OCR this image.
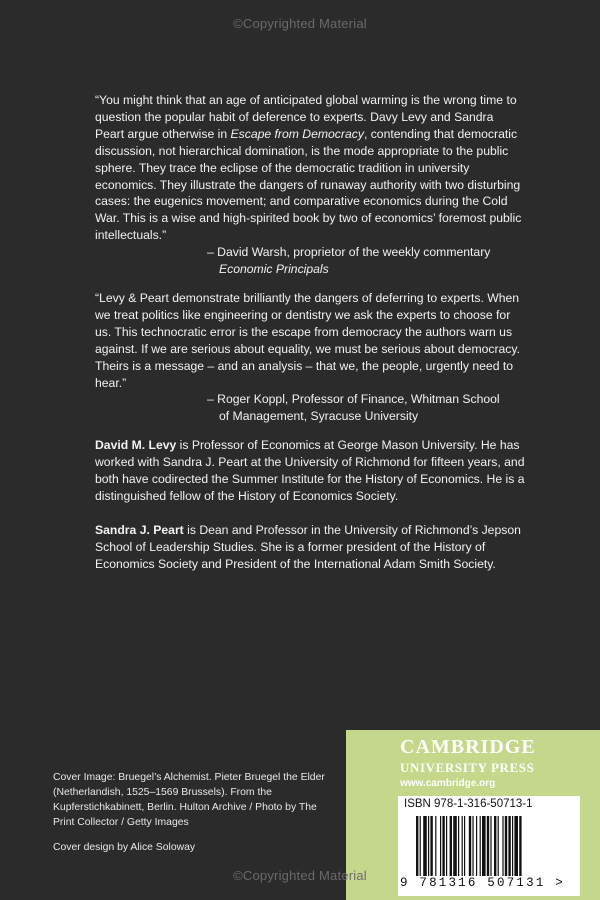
©Copyrighted Material

“You might think that an age of anticipated global warming is the wrong time to question the popular habit of deference to experts. Davy Levy and Sandra Peart argue otherwise in Escape from Democracy, contending that democratic discussion, not hierarchical domination, is the mode appropriate to the public sphere. They trace the eclipse of the democratic tradition in university economics. They illustrate the dangers of runaway authority with two disturbing cases: the eugenics movement; and comparative economics during the Cold War. This is a wise and high-spirited book by two of economics’ foremost public intellectuals.”

– David Warsh, proprietor of the weekly commentary

Economic Principals

“Levy & Peart demonstrate brilliantly the dangers of deferring to experts. When we treat politics like engineering or dentistry we ask the experts to choose for us. This technocratic error is the escape from democracy the authors warn us against. If we are serious about equality, we must be serious about democracy. Theirs is a message – and an analysis – that we, the people, urgently need to hear.”

– Roger Koppl, Professor of Finance, Whitman School

of Management, Syracuse University

David M. Levy is Professor of Economics at George Mason University. He has worked with Sandra J. Peart at the University of Richmond for fifteen years, and both have codirected the Summer Institute for the History of Economics. He is a distinguished fellow of the History of Economics Society.

Sandra J. Peart is Dean and Professor in the University of Richmond’s Jepson School of Leadership Studies. She is a former president of the History of Economics Society and President of the International Adam Smith Society.

Cover Image: Bruegel’s Alchemist. Pieter Bruegel the Elder (Netherlandish, 1525–1569 Brussels). From the Kupferstichkabinett, Berlin. Hulton Archive / Photo by The Print Collector / Getty Images
Cover design by Alice Soloway
CAMBRIDGE
UNIVERSITY PRESS
www.cambridge.org
ISBN 978-1-316-50713-1
9 781316 507131 >
©Copyrighted Material
